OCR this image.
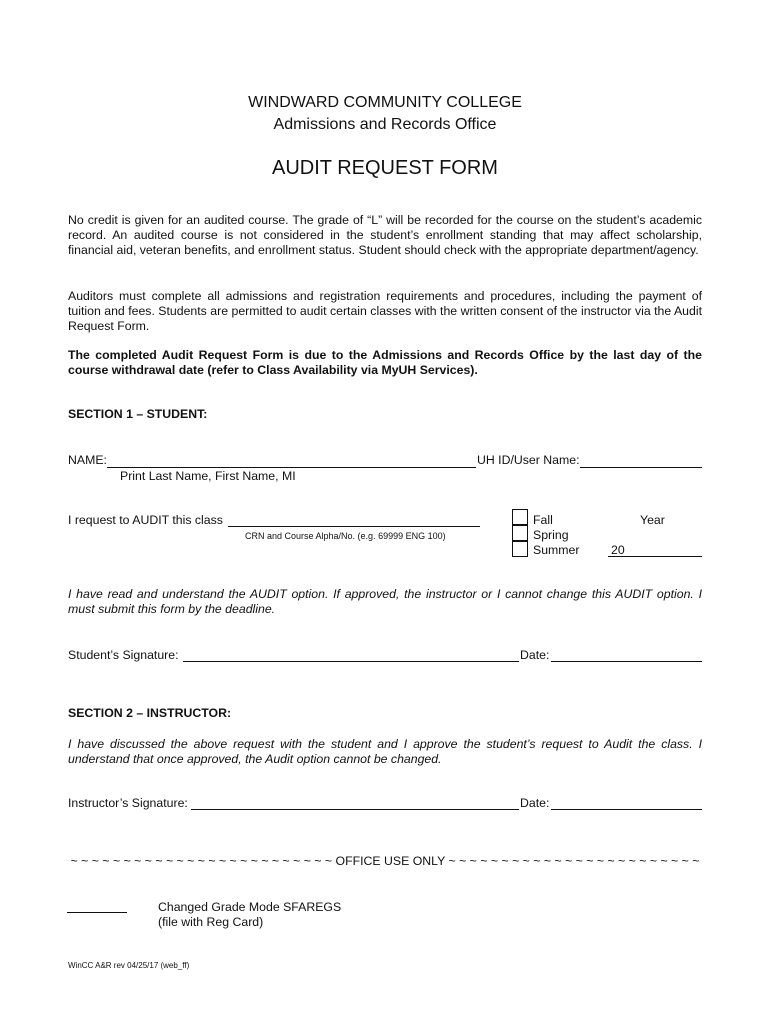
WINDWARD COMMUNITY COLLEGE
Admissions and Records Office
AUDIT REQUEST FORM
No credit is given for an audited course. The grade of “L” will be recorded for the course on the student’s academic record. An audited course is not considered in the student’s enrollment standing that may affect scholarship, financial aid, veteran benefits, and enrollment status. Student should check with the appropriate department/agency.
Auditors must complete all admissions and registration requirements and procedures, including the payment of tuition and fees. Students are permitted to audit certain classes with the written consent of the instructor via the Audit Request Form.
The completed Audit Request Form is due to the Admissions and Records Office by the last day of the course withdrawal date (refer to Class Availability via MyUH Services).
SECTION 1 – STUDENT:
NAME:
Print Last Name, First Name, MI
UH ID/User Name:
I request to AUDIT this class
CRN and Course Alpha/No. (e.g. 69999 ENG 100)
Fall
Spring
Summer
Year
20
I have read and understand the AUDIT option. If approved, the instructor or I cannot change this AUDIT option. I must submit this form by the deadline.
Student’s Signature:	Date:
SECTION 2 – INSTRUCTOR:
I have discussed the above request with the student and I approve the student’s request to Audit the class. I understand that once approved, the Audit option cannot be changed.
Instructor’s Signature:	Date:
~ ~ ~ ~ ~ ~ ~ ~ ~ ~ ~ ~ ~ ~ ~ ~ ~ ~ ~ ~ ~ ~ ~ ~ ~ OFFICE USE ONLY ~ ~ ~ ~ ~ ~ ~ ~ ~ ~ ~ ~ ~ ~ ~ ~ ~ ~ ~ ~ ~ ~ ~ ~
Changed Grade Mode SFAREGS
(file with Reg Card)
WinCC A&R rev 04/25/17 (web_ff)
